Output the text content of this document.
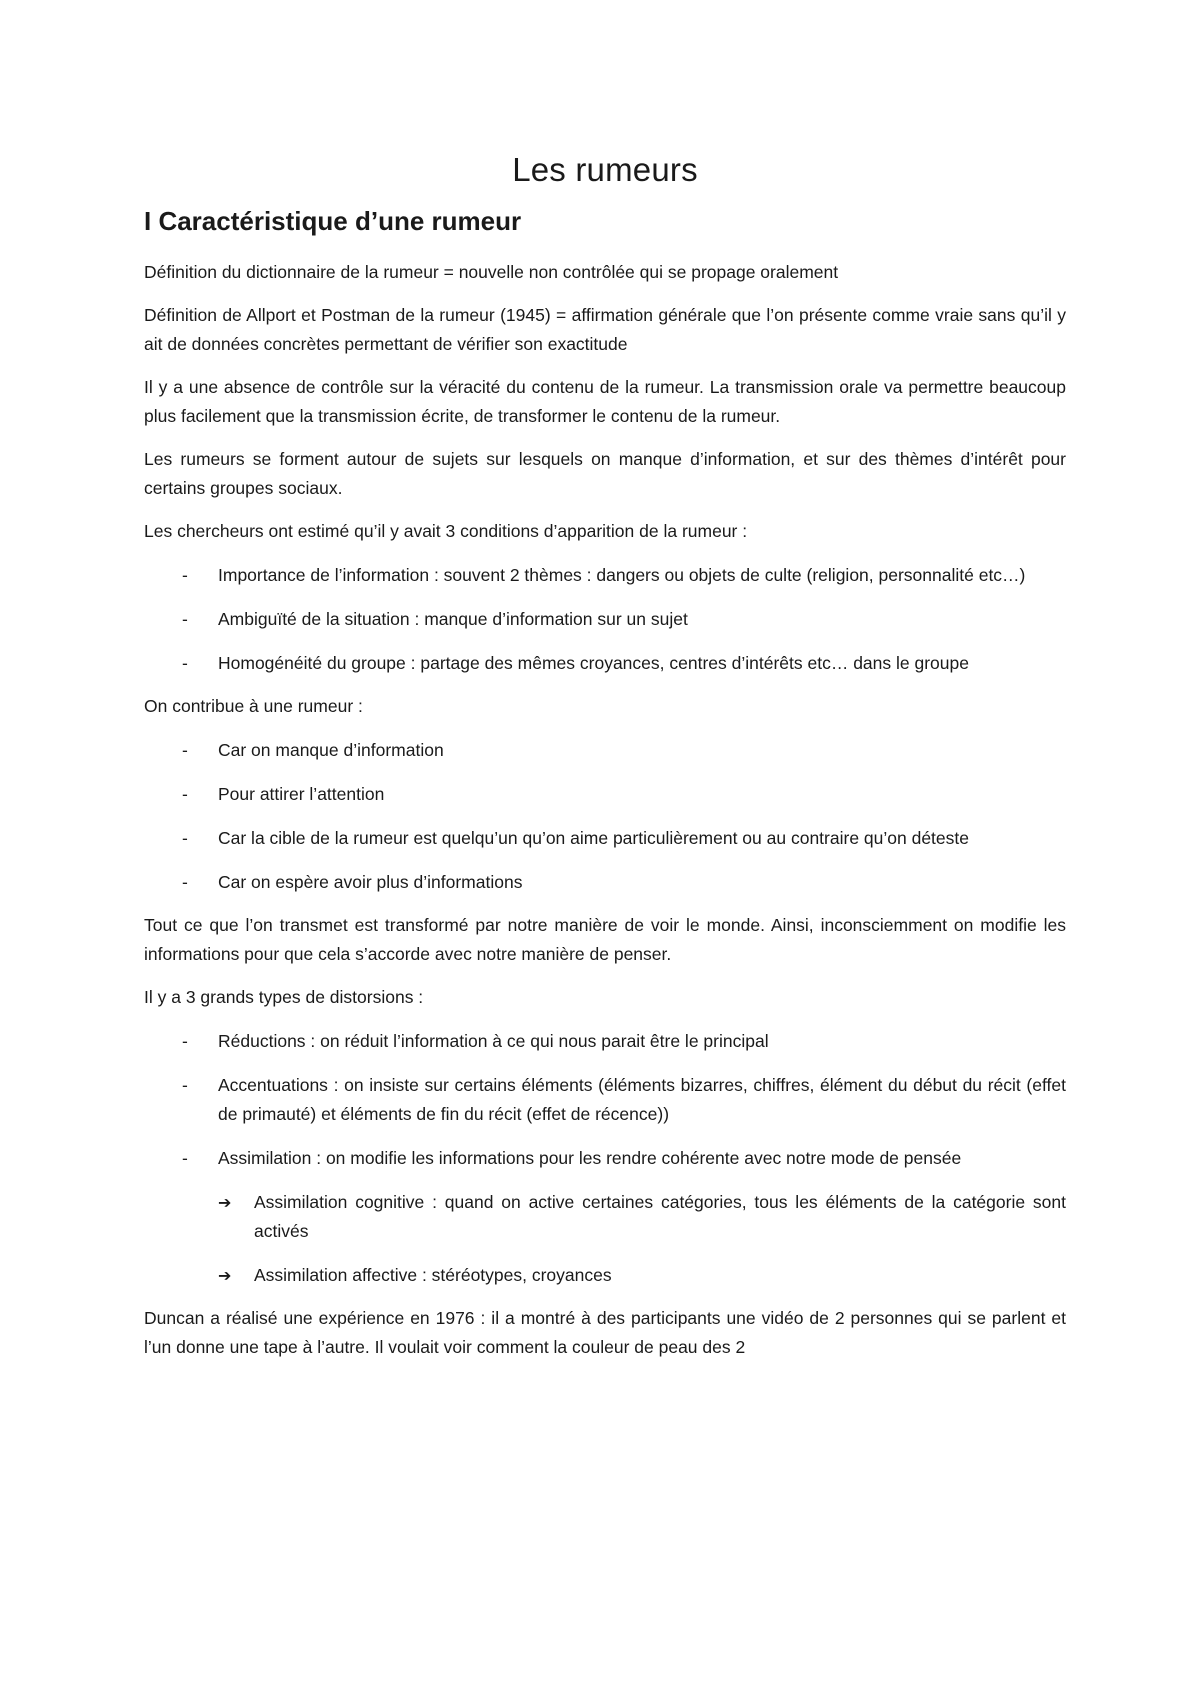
Les rumeurs
I Caractéristique d’une rumeur

Définition du dictionnaire de la rumeur = nouvelle non contrôlée qui se propage oralement

Définition de Allport et Postman de la rumeur (1945) = affirmation générale que l’on présente comme vraie sans qu’il y ait de données concrètes permettant de vérifier son exactitude

Il y a une absence de contrôle sur la véracité du contenu de la rumeur. La transmission orale va permettre beaucoup plus facilement que la transmission écrite, de transformer le contenu de la rumeur.

Les rumeurs se forment autour de sujets sur lesquels on manque d’information, et sur des thèmes d’intérêt pour certains groupes sociaux.

Les chercheurs ont estimé qu’il y avait 3 conditions d’apparition de la rumeur :

- Importance de l’information : souvent 2 thèmes : dangers ou objets de culte (religion, personnalité etc…)
- Ambiguïté de la situation : manque d’information sur un sujet
- Homogénéité du groupe : partage des mêmes croyances, centres d’intérêts etc… dans le groupe

On contribue à une rumeur :

- Car on manque d’information
- Pour attirer l’attention
- Car la cible de la rumeur est quelqu’un qu’on aime particulièrement ou au contraire qu’on déteste
- Car on espère avoir plus d’informations

Tout ce que l’on transmet est transformé par notre manière de voir le monde. Ainsi, inconsciemment on modifie les informations pour que cela s’accorde avec notre manière de penser.

Il y a 3 grands types de distorsions :

- Réductions : on réduit l’information à ce qui nous parait être le principal
- Accentuations : on insiste sur certains éléments (éléments bizarres, chiffres, élément du début du récit (effet de primauté) et éléments de fin du récit (effet de récence))
- Assimilation : on modifie les informations pour les rendre cohérente avec notre mode de pensée
➔ Assimilation cognitive : quand on active certaines catégories, tous les éléments de la catégorie sont activés
➔ Assimilation affective : stéréotypes, croyances

Duncan a réalisé une expérience en 1976 : il a montré à des participants une vidéo de 2 personnes qui se parlent et l’un donne une tape à l’autre. Il voulait voir comment la couleur de peau des 2
